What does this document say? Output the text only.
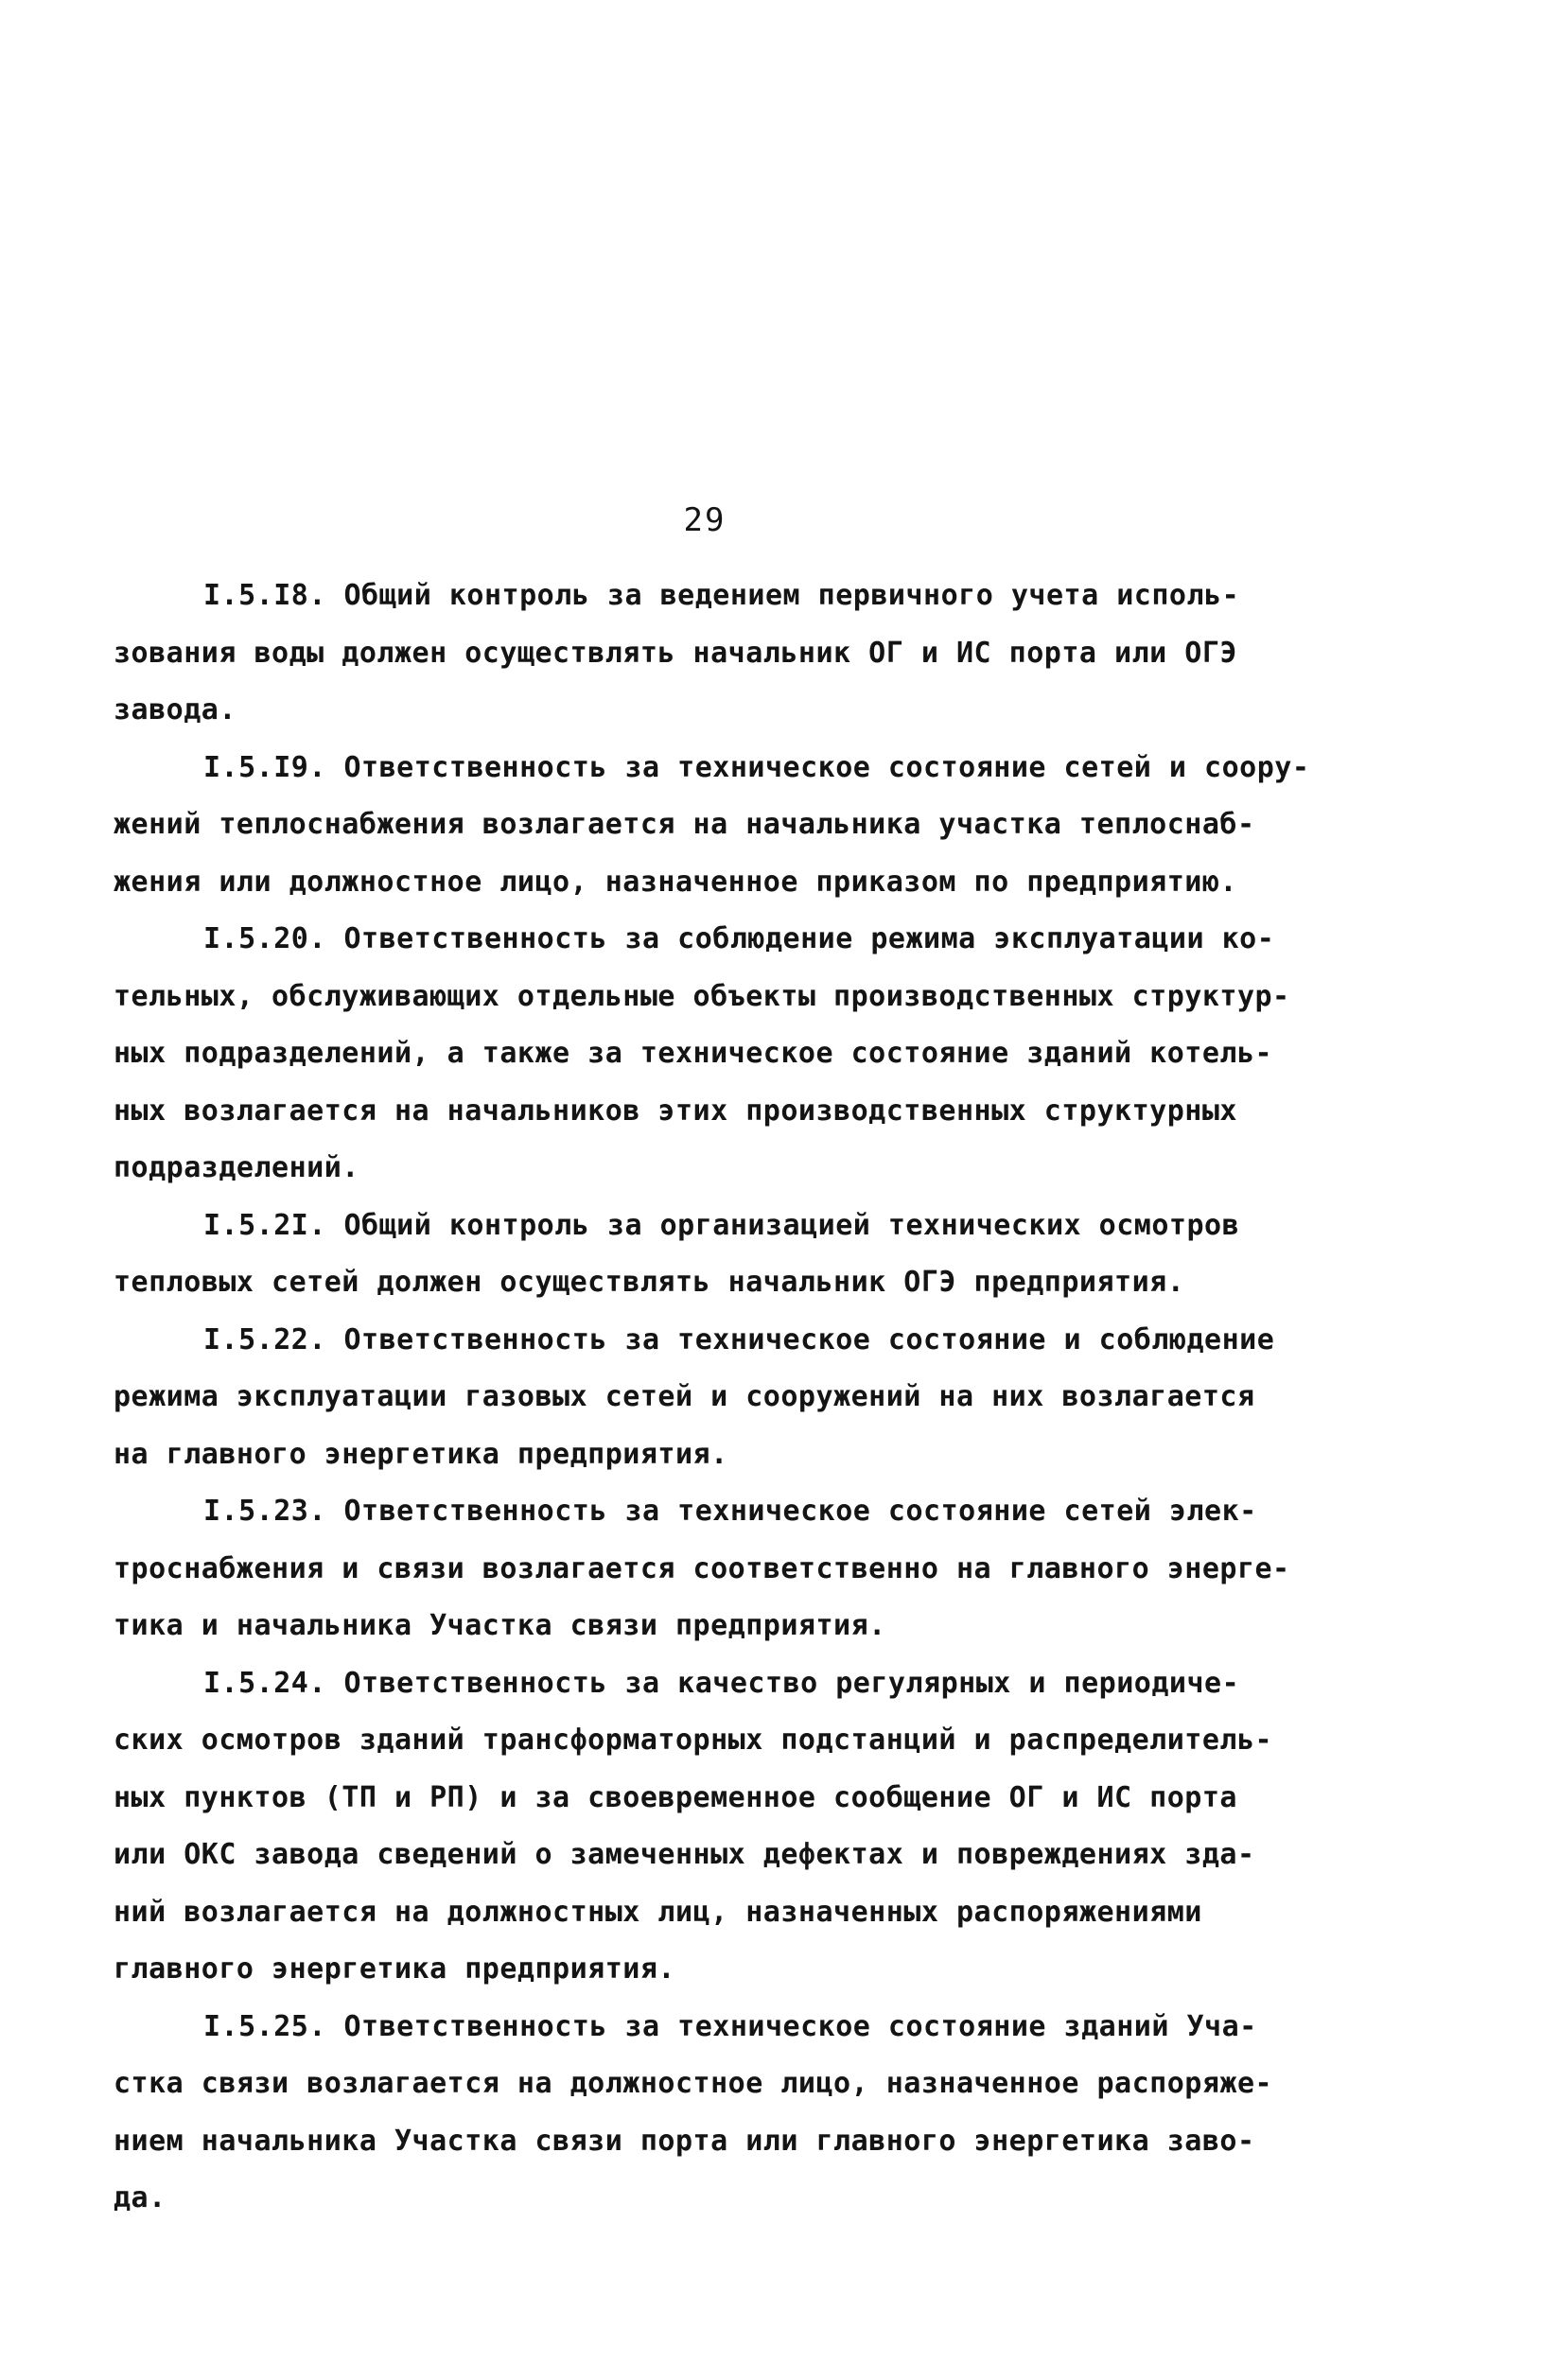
29
I.5.I8. Общий контроль за ведением первичного учета исполь-
зования воды должен осуществлять начальник ОГ и ИС порта или ОГЭ
завода.
I.5.I9. Ответственность за техническое состояние сетей и соору-
жений теплоснабжения возлагается на начальника участка теплоснаб-
жения или должностное лицо, назначенное приказом по предприятию.
I.5.20. Ответственность за соблюдение режима эксплуатации ко-
тельных, обслуживающих отдельные объекты производственных структур-
ных подразделений, а также за техническое состояние зданий котель-
ных возлагается на начальников этих производственных структурных
подразделений.
I.5.2I. Общий контроль за организацией технических осмотров
тепловых сетей должен осуществлять начальник ОГЭ предприятия.
I.5.22. Ответственность за техническое состояние и соблюдение
режима эксплуатации газовых сетей и сооружений на них возлагается
на главного энергетика предприятия.
I.5.23. Ответственность за техническое состояние сетей элек-
троснабжения и связи возлагается соответственно на главного энерге-
тика и начальника Участка связи предприятия.
I.5.24. Ответственность за качество регулярных и периодиче-
ских осмотров зданий трансформаторных подстанций и распределитель-
ных пунктов (ТП и РП) и за своевременное сообщение ОГ и ИС порта
или ОКС завода сведений о замеченных дефектах и повреждениях зда-
ний возлагается на должностных лиц, назначенных распоряжениями
главного энергетика предприятия.
I.5.25. Ответственность за техническое состояние зданий Уча-
стка связи возлагается на должностное лицо, назначенное распоряже-
нием начальника Участка связи порта или главного энергетика заво-
да.
